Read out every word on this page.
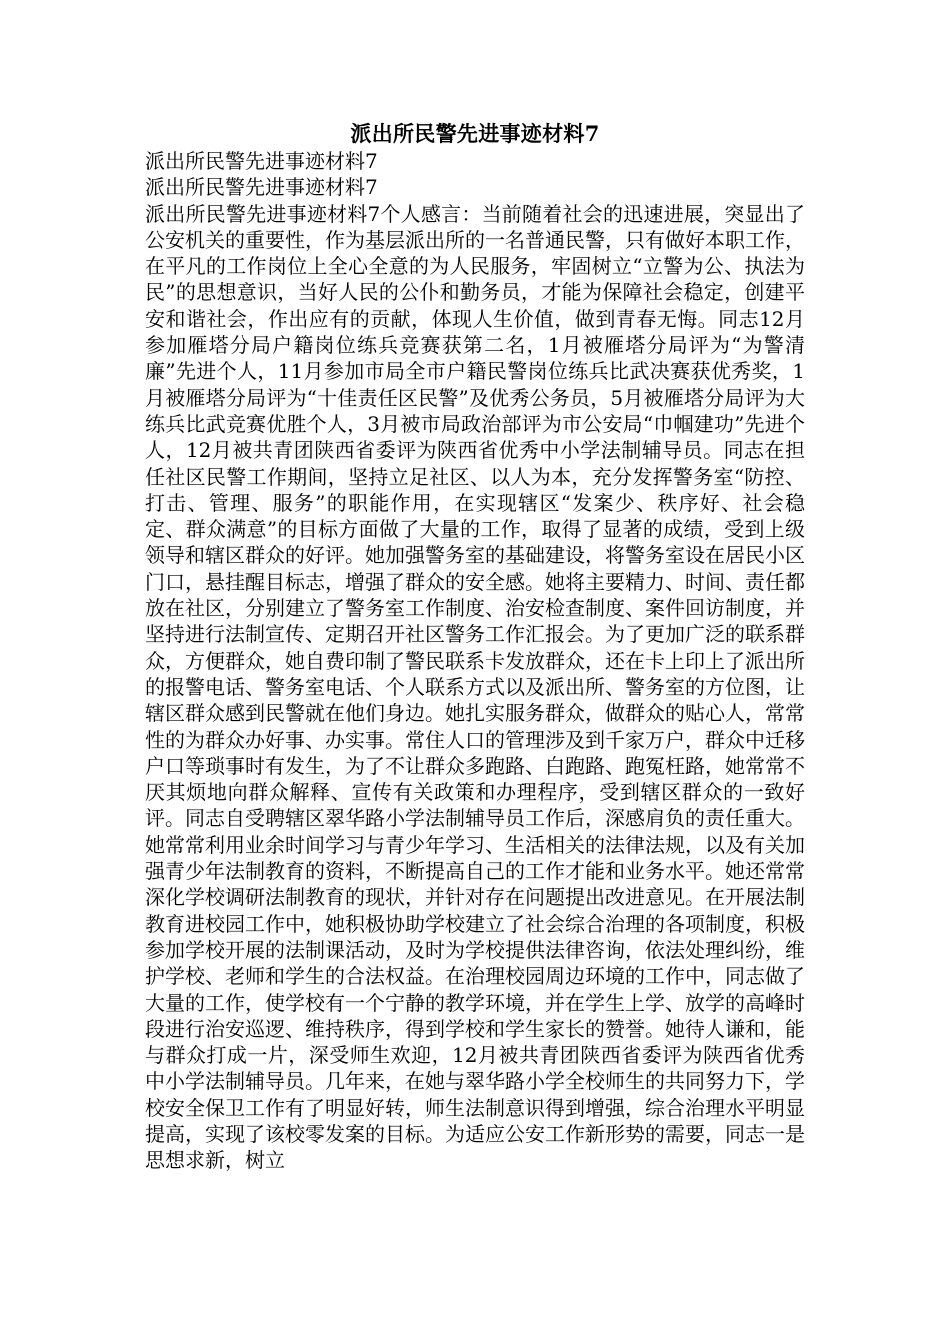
派出所民警先进事迹材料7

派出所民警先进事迹材料7

派出所民警先进事迹材料7

派出所民警先进事迹材料7个人感言：当前随着社会的迅速进展，突显出了公安机关的重要性，作为基层派出所的一名普通民警，只有做好本职工作，在平凡的工作岗位上全心全意的为人民服务，牢固树立“立警为公、执法为民”的思想意识，当好人民的公仆和勤务员，才能为保障社会稳定，创建平安和谐社会，作出应有的贡献，体现人生价值，做到青春无悔。同志12月参加雁塔分局户籍岗位练兵竞赛获第二名，1月被雁塔分局评为“为警清廉”先进个人，11月参加市局全市户籍民警岗位练兵比武决赛获优秀奖，1月被雁塔分局评为“十佳责任区民警”及优秀公务员，5月被雁塔分局评为大练兵比武竞赛优胜个人，3月被市局政治部评为市公安局“巾帼建功”先进个人，12月被共青团陕西省委评为陕西省优秀中小学法制辅导员。同志在担任社区民警工作期间，坚持立足社区、以人为本，充分发挥警务室“防控、打击、管理、服务”的职能作用，在实现辖区“发案少、秩序好、社会稳定、群众满意”的目标方面做了大量的工作，取得了显著的成绩，受到上级领导和辖区群众的好评。她加强警务室的基础建设，将警务室设在居民小区门口，悬挂醒目标志，增强了群众的安全感。她将主要精力、时间、责任都放在社区，分别建立了警务室工作制度、治安检查制度、案件回访制度，并坚持进行法制宣传、定期召开社区警务工作汇报会。为了更加广泛的联系群众，方便群众，她自费印制了警民联系卡发放群众，还在卡上印上了派出所的报警电话、警务室电话、个人联系方式以及派出所、警务室的方位图，让辖区群众感到民警就在他们身边。她扎实服务群众，做群众的贴心人，常常性的为群众办好事、办实事。常住人口的管理涉及到千家万户，群众中迁移户口等琐事时有发生，为了不让群众多跑路、白跑路、跑冤枉路，她常常不厌其烦地向群众解释、宣传有关政策和办理程序，受到辖区群众的一致好评。同志自受聘辖区翠华路小学法制辅导员工作后，深感肩负的责任重大。她常常利用业余时间学习与青少年学习、生活相关的法律法规，以及有关加强青少年法制教育的资料，不断提高自己的工作才能和业务水平。她还常常深化学校调研法制教育的现状，并针对存在问题提出改进意见。在开展法制教育进校园工作中，她积极协助学校建立了社会综合治理的各项制度，积极参加学校开展的法制课活动，及时为学校提供法律咨询，依法处理纠纷，维护学校、老师和学生的合法权益。在治理校园周边环境的工作中，同志做了大量的工作，使学校有一个宁静的教学环境，并在学生上学、放学的高峰时段进行治安巡逻、维持秩序，得到学校和学生家长的赞誉。她待人谦和，能与群众打成一片，深受师生欢迎，12月被共青团陕西省委评为陕西省优秀中小学法制辅导员。几年来，在她与翠华路小学全校师生的共同努力下，学校安全保卫工作有了明显好转，师生法制意识得到增强，综合治理水平明显提高，实现了该校零发案的目标。为适应公安工作新形势的需要，同志一是思想求新，树立
